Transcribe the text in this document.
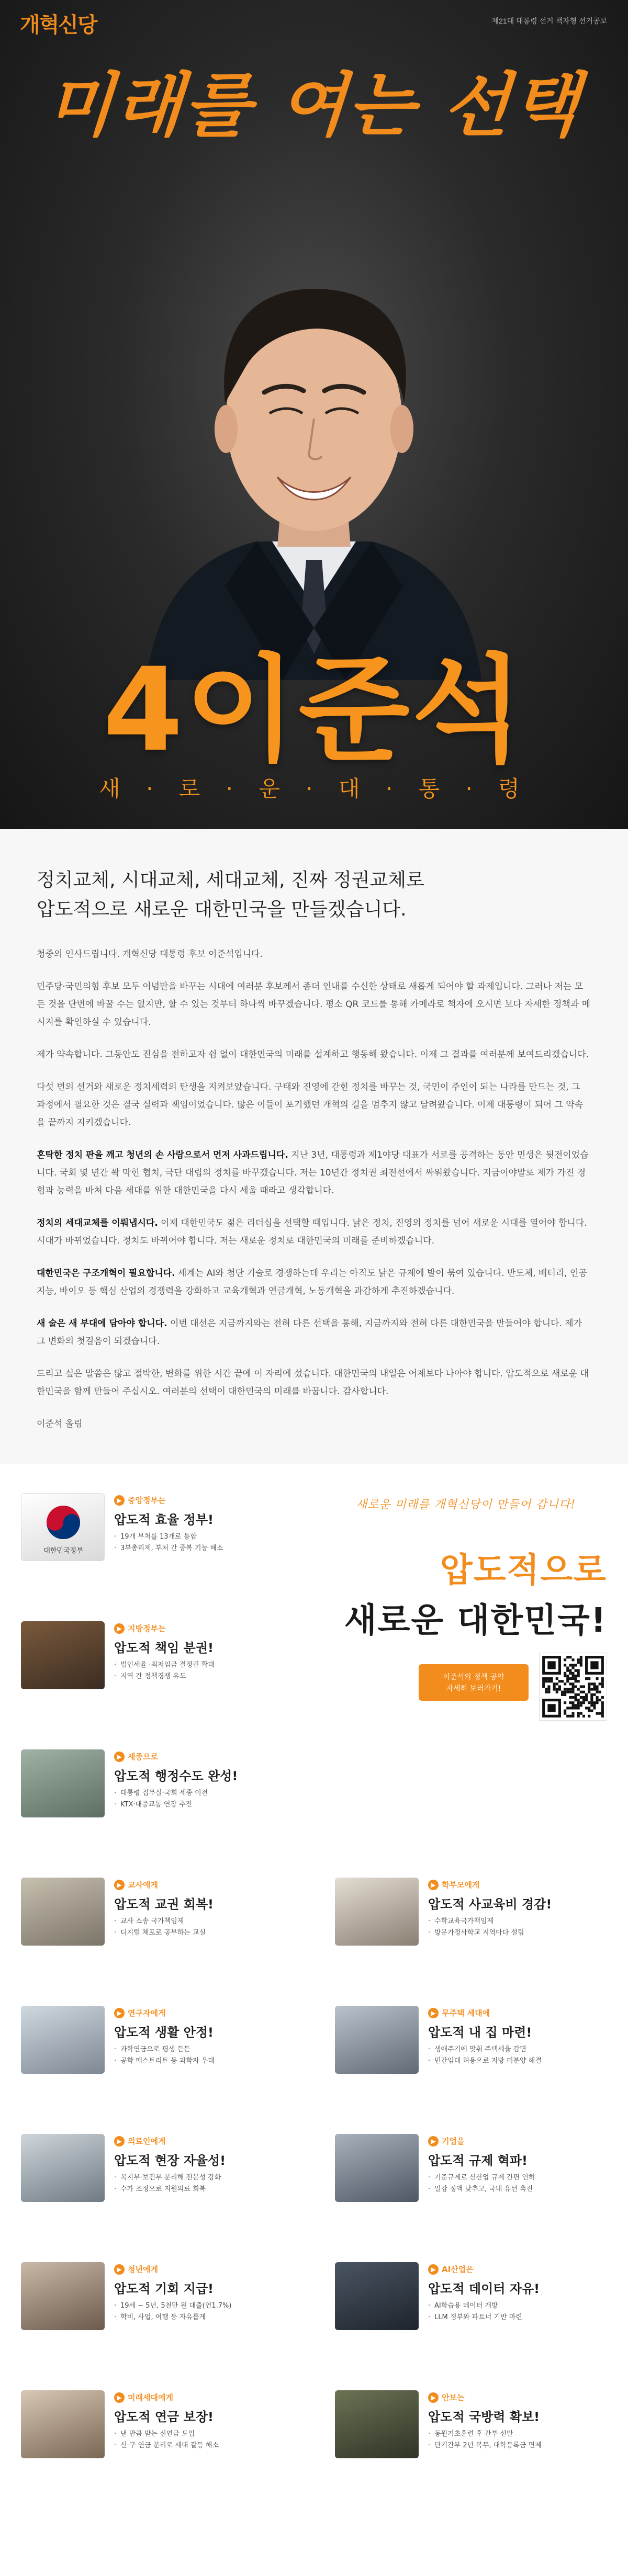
개혁신당	제21대 대통령 선거 책자형 선거공보
미래를 여는 선택
4이준석
새 · 로 · 운 · 대 · 통 · 령
정치교체, 시대교체, 세대교체, 진짜 정권교체로
압도적으로 새로운 대한민국을 만들겠습니다.

청중의 인사드립니다. 개혁신당 대통령 후보 이준석입니다.

민주당·국민의힘 후보 모두 이념만을 바꾸는 시대에 여러분 후보께서 좀더 인내를 수신한 상태로 새롭게 되어야 할 과제입니다. 그러나 저는 모든 것을 단번에 바꿀 수는 없지만, 할 수 있는 것부터 하나씩 바꾸겠습니다. 평소 QR 코드를 통해 카메라로 책자에 오시면 보다 자세한 정책과 메시지를 확인하실 수 있습니다.

제가 약속합니다. 그동안도 진심을 전하고자 쉼 없이 대한민국의 미래를 설계하고 행동해 왔습니다. 이제 그 결과를 여러분께 보여드리겠습니다.

다섯 번의 선거와 새로운 정치세력의 탄생을 지켜보았습니다. 구태와 진영에 갇힌 정치를 바꾸는 것, 국민이 주인이 되는 나라를 만드는 것, 그 과정에서 필요한 것은 결국 실력과 책임이었습니다. 많은 이들이 포기했던 개혁의 길을 멈추지 않고 달려왔습니다. 이제 대통령이 되어 그 약속을 끝까지 지키겠습니다.

혼탁한 정치 판을 깨고 청년의 손 사람으로서 먼저 사과드립니다. 지난 3년, 대통령과 제1야당 대표가 서로를 공격하는 동안 민생은 뒷전이었습니다. 국회 몇 년간 꽉 막힌 협치, 극단 대립의 정치를 바꾸겠습니다. 저는 10년간 정치권 최전선에서 싸워왔습니다. 지금이야말로 제가 가진 경험과 능력을 바쳐 다음 세대를 위한 대한민국을 다시 세울 때라고 생각합니다.

정치의 세대교체를 이뤄냅시다. 이제 대한민국도 젊은 리더십을 선택할 때입니다. 낡은 정치, 진영의 정치를 넘어 새로운 시대를 열어야 합니다. 시대가 바뀌었습니다. 정치도 바뀌어야 합니다. 저는 새로운 정치로 대한민국의 미래를 준비하겠습니다.

대한민국은 구조개혁이 필요합니다. 세계는 AI와 첨단 기술로 경쟁하는데 우리는 아직도 낡은 규제에 발이 묶여 있습니다. 반도체, 배터리, 인공지능, 바이오 등 핵심 산업의 경쟁력을 강화하고 교육개혁과 연금개혁, 노동개혁을 과감하게 추진하겠습니다.

새 술은 새 부대에 담아야 합니다. 이번 대선은 지금까지와는 전혀 다른 선택을 통해, 지금까지와 전혀 다른 대한민국을 만들어야 합니다. 제가 그 변화의 첫걸음이 되겠습니다.

드리고 싶은 말씀은 많고 절박한, 변화를 위한 시간 끝에 이 자리에 섰습니다. 대한민국의 내일은 어제보다 나아야 합니다. 압도적으로 새로운 대한민국을 함께 만들어 주십시오. 여러분의 선택이 대한민국의 미래를 바꿉니다. 감사합니다.

이준석 올림

새로운 미래를 개혁신당이 만들어 갑니다!
압도적으로
새로운 대한민국!
이준석의 정책 공약
자세히 보러가기!
대한민국정부
▶ 중앙정부는
압도적 효율 정부!
· 19개 부처를 13개로 통합
· 3부총리제, 부처 간 중복 기능 해소
▶ 지방정부는
압도적 책임 분권!
· 법인세율 ·최저임금 결정권 확대
· 지역 간 정책경쟁 유도
▶ 세종으로
압도적 행정수도 완성!
· 대통령 집무실·국회 세종 이전
· KTX·대중교통 연장 추진
▶ 교사에게
압도적 교권 회복!
· 교사 소송 국가책임제
· 디지털 체포로 공부하는 교실
▶ 연구자에게
압도적 생활 안정!
· 과학연금으로 평생 든든
· 공학 매스트리트 등 과학자 우대
▶ 의료인에게
압도적 현장 자율성!
· 복지부·보건부 분리해 전문성 강화
· 수가 조정으로 지원의료 회복
▶ 청년에게
압도적 기회 지급!
· 19세 ~ 5년, 5천만 원 대출(연1.7%)
· 학비, 사업, 여행 등 자유롭게
▶ 미래세대에게
압도적 연금 보장!
· 낸 만큼 받는 신연금 도입
· 신·구 연금 분리로 세대 갈등 해소
▶ 학부모에게
압도적 사교육비 경감!
· 수학교육국가책임제
· 방문가정사학교 지역마다 설립
▶ 무주택 세대에
압도적 내 집 마련!
· 생애주기에 맞춰 주택세율 감면
· 민간임대 허용으로 지방 미분양 해결
▶ 기업을
압도적 규제 혁파!
· 기준규제로 신산업 규제 간편 인허
· 일감 정액 낮추고, 국내 유턴 촉진
▶ AI산업은
압도적 데이터 자유!
· AI학습용 데이터 개방
· LLM 정부와 파트너 기반 마련
▶ 안보는
압도적 국방력 확보!
· 동원기초훈련 후 간부 선발
· 단기간부 2년 복무, 대학등록금 면제
